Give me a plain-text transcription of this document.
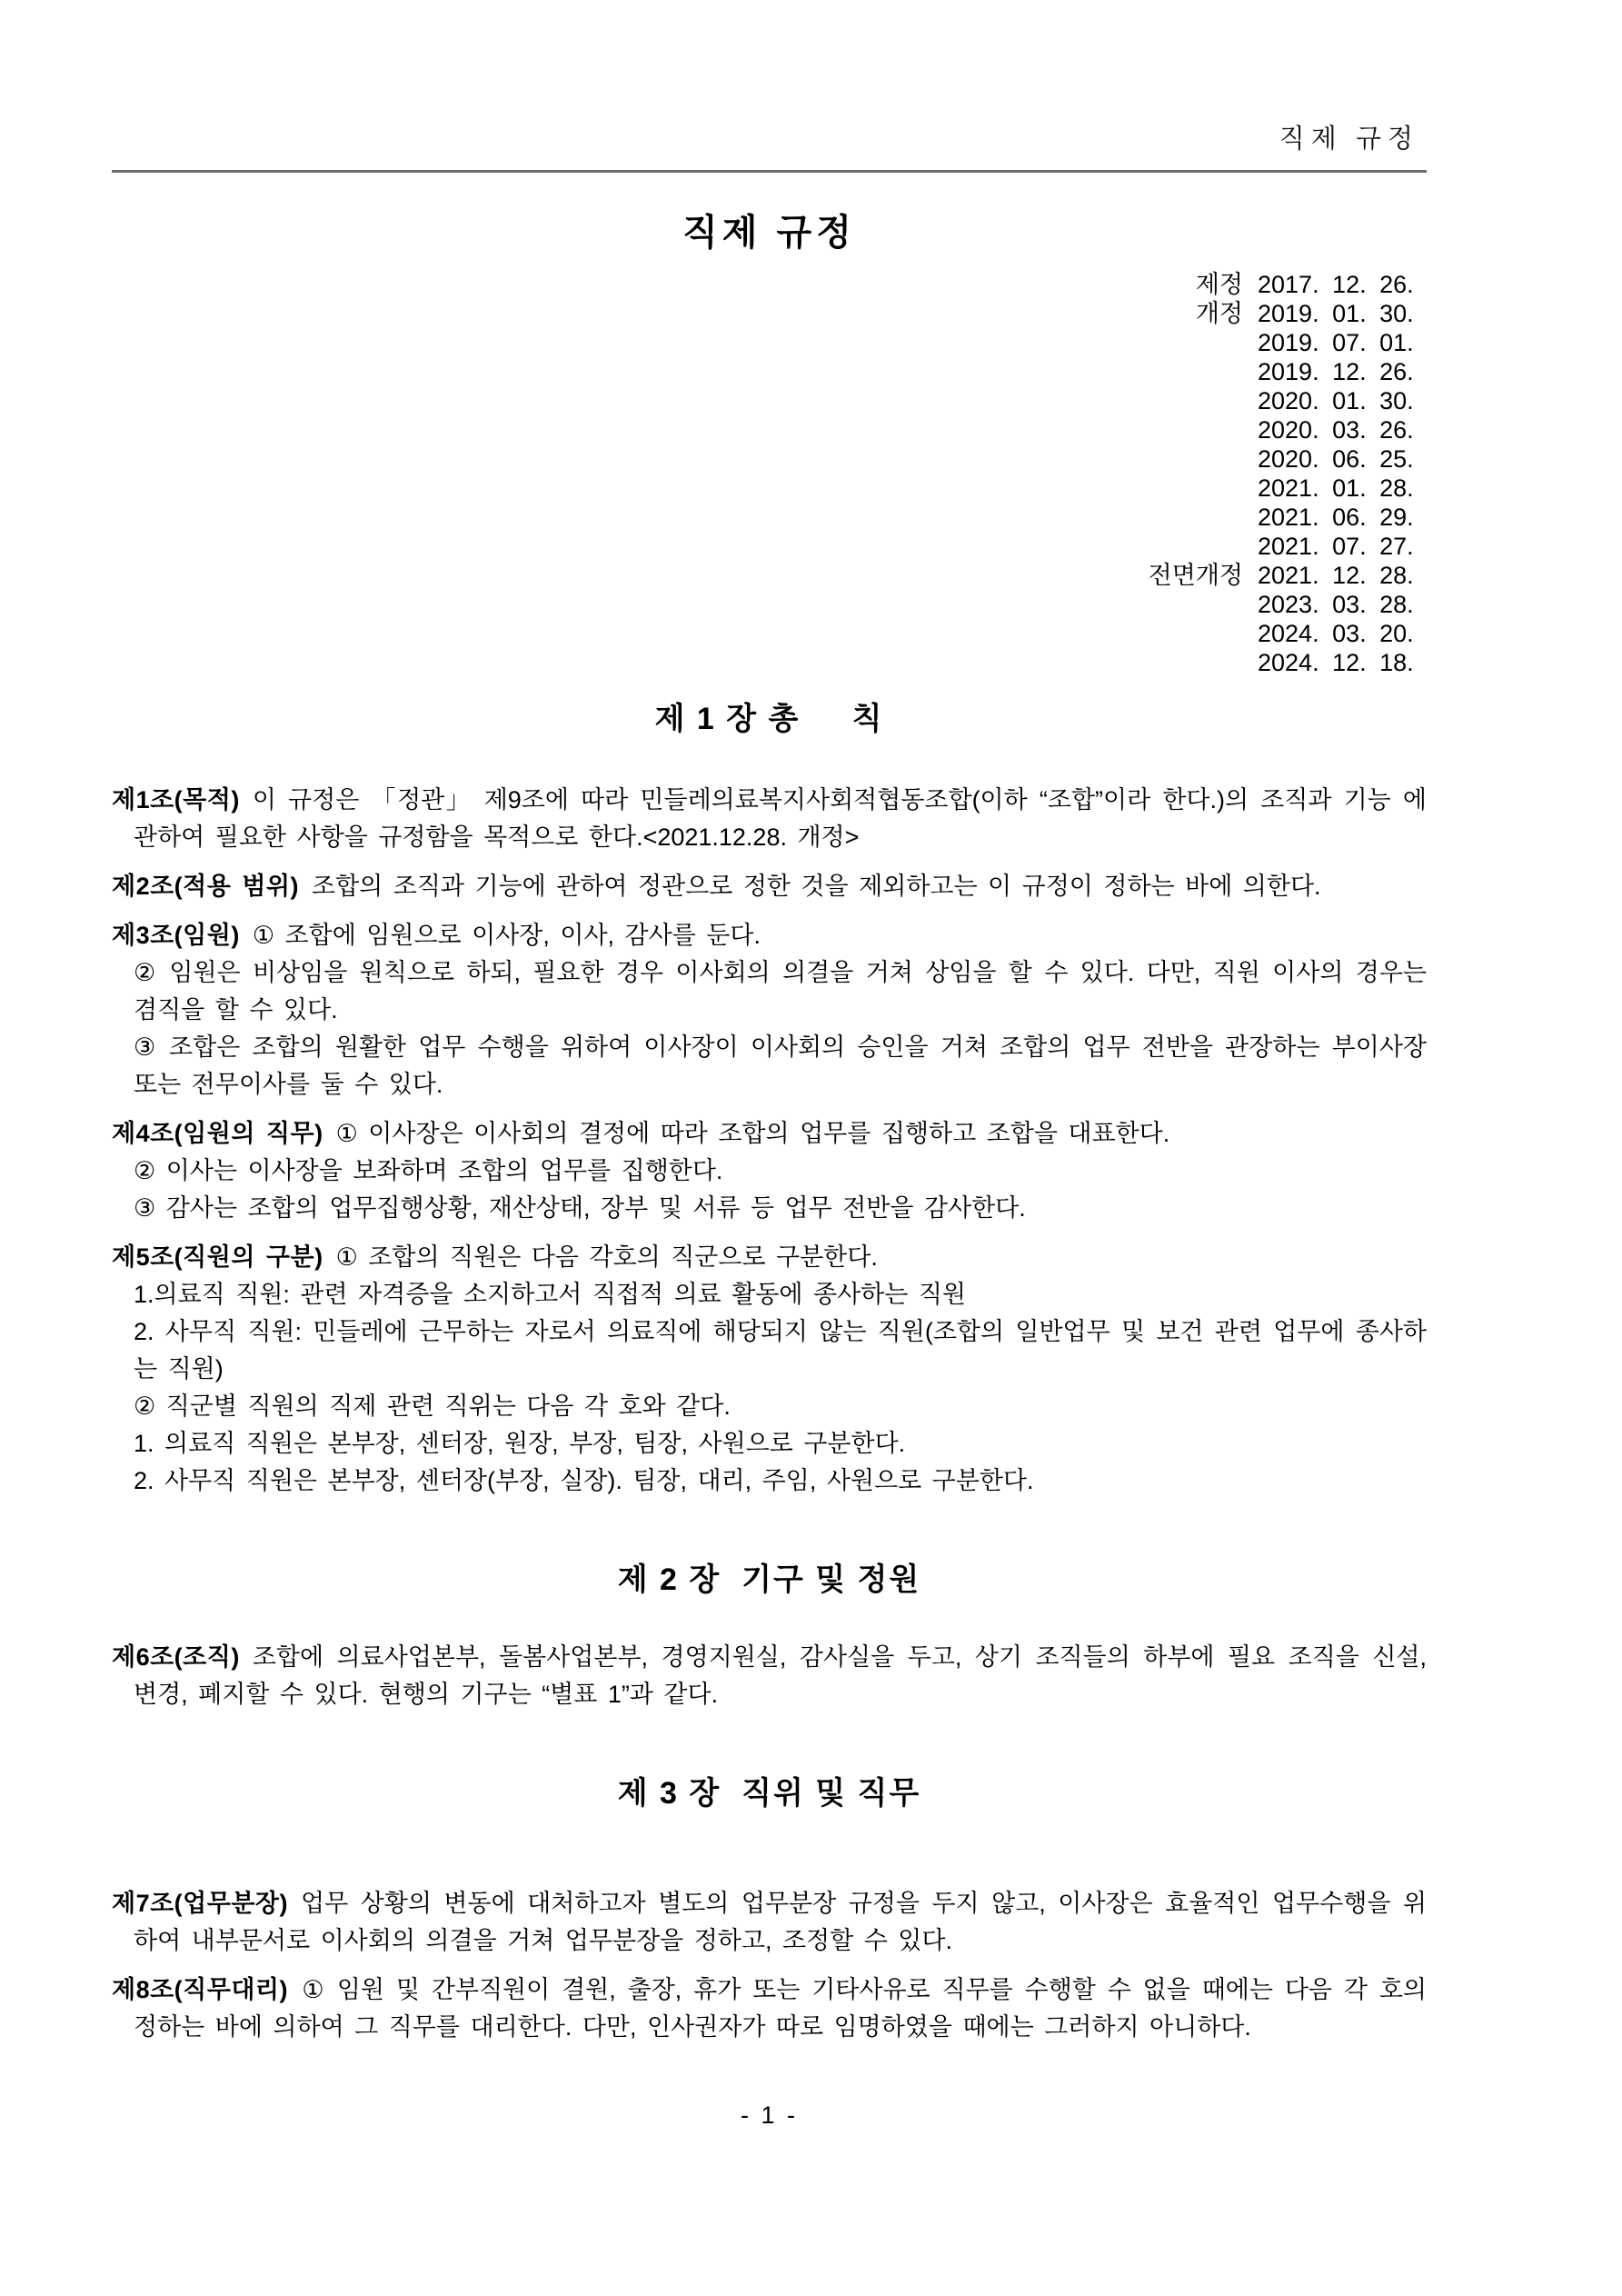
직제 규정
직제 규정
제정 2017. 12. 26.
개정 2019. 01. 30.
2019. 07. 01.
2019. 12. 26.
2020. 01. 30.
2020. 03. 26.
2020. 06. 25.
2021. 01. 28.
2021. 06. 29.
2021. 07. 27.
전면개정 2021. 12. 28.
2023. 03. 28.
2024. 03. 20.
2024. 12. 18.
제 1 장 총     칙

제1조(목적) 이 규정은 「정관」 제9조에 따라 민들레의료복지사회적협동조합(이하 “조합”이라 한다.)의 조직과 기능 에 관하여 필요한 사항을 규정함을 목적으로 한다.<2021.12.28. 개정>

제2조(적용 범위) 조합의 조직과 기능에 관하여 정관으로 정한 것을 제외하고는 이 규정이 정하는 바에 의한다.

제3조(임원) ① 조합에 임원으로 이사장, 이사, 감사를 둔다.

② 임원은 비상임을 원칙으로 하되, 필요한 경우 이사회의 의결을 거쳐 상임을 할 수 있다. 다만, 직원 이사의 경우는 겸직을 할 수 있다.

③ 조합은 조합의 원활한 업무 수행을 위하여 이사장이 이사회의 승인을 거쳐 조합의 업무 전반을 관장하는 부이사장 또는 전무이사를 둘 수 있다.

제4조(임원의 직무) ① 이사장은 이사회의 결정에 따라 조합의 업무를 집행하고 조합을 대표한다.

② 이사는 이사장을 보좌하며 조합의 업무를 집행한다.

③ 감사는 조합의 업무집행상황, 재산상태, 장부 및 서류 등 업무 전반을 감사한다.

제5조(직원의 구분) ① 조합의 직원은 다음 각호의 직군으로 구분한다.

1.의료직 직원: 관련 자격증을 소지하고서 직접적 의료 활동에 종사하는 직원

2. 사무직 직원: 민들레에 근무하는 자로서 의료직에 해당되지 않는 직원(조합의 일반업무 및 보건 관련 업무에 종사하는 직원)

② 직군별 직원의 직제 관련 직위는 다음 각 호와 같다.

1. 의료직 직원은 본부장, 센터장, 원장, 부장, 팀장, 사원으로 구분한다.

2. 사무직 직원은 본부장, 센터장(부장, 실장). 팀장, 대리, 주임, 사원으로 구분한다.

제 2 장  기구 및 정원

제6조(조직) 조합에 의료사업본부, 돌봄사업본부, 경영지원실, 감사실을 두고, 상기 조직들의 하부에 필요 조직을 신설, 변경, 폐지할 수 있다. 현행의 기구는 “별표 1”과 같다.

제 3 장  직위 및 직무

제7조(업무분장) 업무 상황의 변동에 대처하고자 별도의 업무분장 규정을 두지 않고, 이사장은 효율적인 업무수행을 위하여 내부문서로 이사회의 의결을 거쳐 업무분장을 정하고, 조정할 수 있다.

제8조(직무대리) ① 임원 및 간부직원이 결원, 출장, 휴가 또는 기타사유로 직무를 수행할 수 없을 때에는 다음 각 호의 정하는 바에 의하여 그 직무를 대리한다. 다만, 인사권자가 따로 임명하였을 때에는 그러하지 아니하다.

- 1 -
